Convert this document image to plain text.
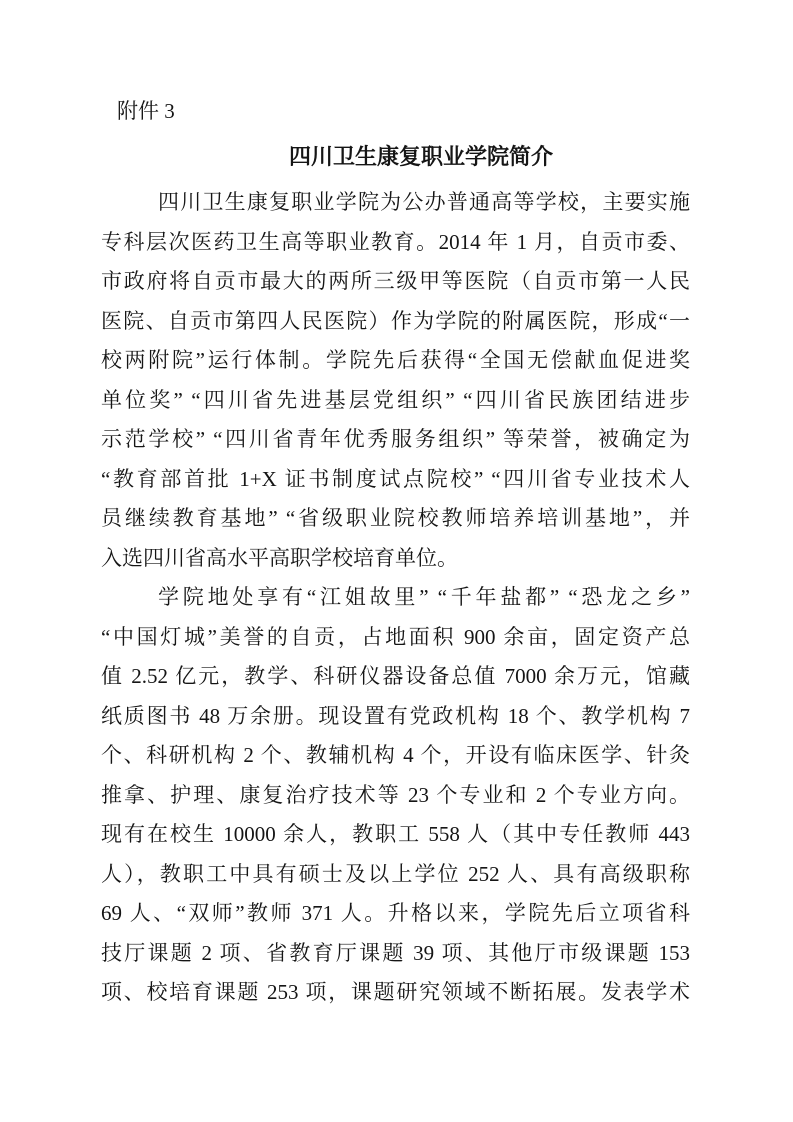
附件 3
四川卫生康复职业学院简介
四川卫生康复职业学院为公办普通高等学校，主要实施
专科层次医药卫生高等职业教育。2014 年 1 月，自贡市委、
市政府将自贡市最大的两所三级甲等医院（自贡市第一人民
医院、自贡市第四人民医院）作为学院的附属医院，形成“一
校两附院”运行体制。学院先后获得“全国无偿献血促进奖
单位奖” “四川省先进基层党组织” “四川省民族团结进步
示范学校” “四川省青年优秀服务组织” 等荣誉，被确定为
“教育部首批 1+X 证书制度试点院校” “四川省专业技术人
员继续教育基地” “省级职业院校教师培养培训基地”，并
入选四川省高水平高职学校培育单位。
学院地处享有“江姐故里” “千年盐都” “恐龙之乡”
“中国灯城”美誉的自贡，占地面积 900 余亩，固定资产总
值 2.52 亿元，教学、科研仪器设备总值 7000 余万元，馆藏
纸质图书 48 万余册。现设置有党政机构 18 个、教学机构 7
个、科研机构 2 个、教辅机构 4 个，开设有临床医学、针灸
推拿、护理、康复治疗技术等 23 个专业和 2 个专业方向。
现有在校生 10000 余人，教职工 558 人（其中专任教师 443
人），教职工中具有硕士及以上学位 252 人、具有高级职称
69 人、“双师”教师 371 人。升格以来，学院先后立项省科
技厅课题 2 项、省教育厅课题 39 项、其他厅市级课题 153
项、校培育课题 253 项，课题研究领域不断拓展。发表学术
